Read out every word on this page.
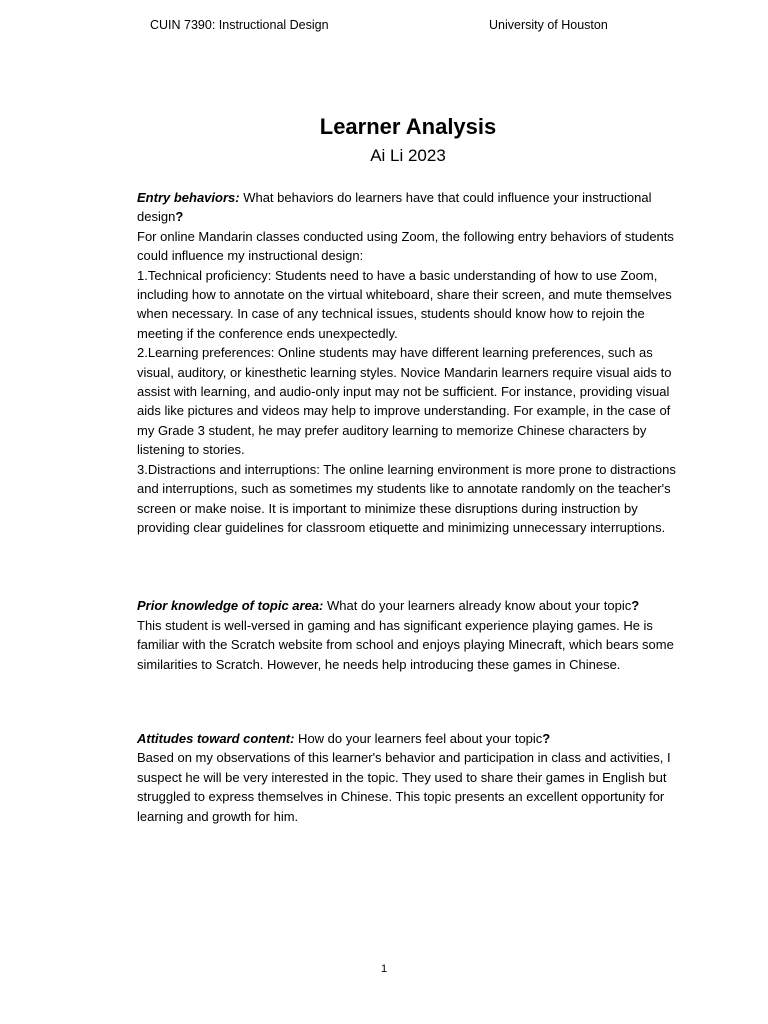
CUIN 7390: Instructional Design	University of Houston
Learner Analysis
Ai Li 2023

Entry behaviors: What behaviors do learners have that could influence your instructional design?

For online Mandarin classes conducted using Zoom, the following entry behaviors of students could influence my instructional design:

1.Technical proficiency: Students need to have a basic understanding of how to use Zoom, including how to annotate on the virtual whiteboard, share their screen, and mute themselves when necessary. In case of any technical issues, students should know how to rejoin the meeting if the conference ends unexpectedly.

2.Learning preferences: Online students may have different learning preferences, such as visual, auditory, or kinesthetic learning styles. Novice Mandarin learners require visual aids to assist with learning, and audio-only input may not be sufficient. For instance, providing visual aids like pictures and videos may help to improve understanding. For example, in the case of my Grade 3 student, he may prefer auditory learning to memorize Chinese characters by listening to stories.

3.Distractions and interruptions: The online learning environment is more prone to distractions and interruptions, such as sometimes my students like to annotate randomly on the teacher's screen or make noise. It is important to minimize these disruptions during instruction by providing clear guidelines for classroom etiquette and minimizing unnecessary interruptions.

Prior knowledge of topic area: What do your learners already know about your topic?

This student is well-versed in gaming and has significant experience playing games. He is familiar with the Scratch website from school and enjoys playing Minecraft, which bears some similarities to Scratch. However, he needs help introducing these games in Chinese.

Attitudes toward content: How do your learners feel about your topic?

Based on my observations of this learner's behavior and participation in class and activities, I suspect he will be very interested in the topic. They used to share their games in English but struggled to express themselves in Chinese. This topic presents an excellent opportunity for learning and growth for him.

1
